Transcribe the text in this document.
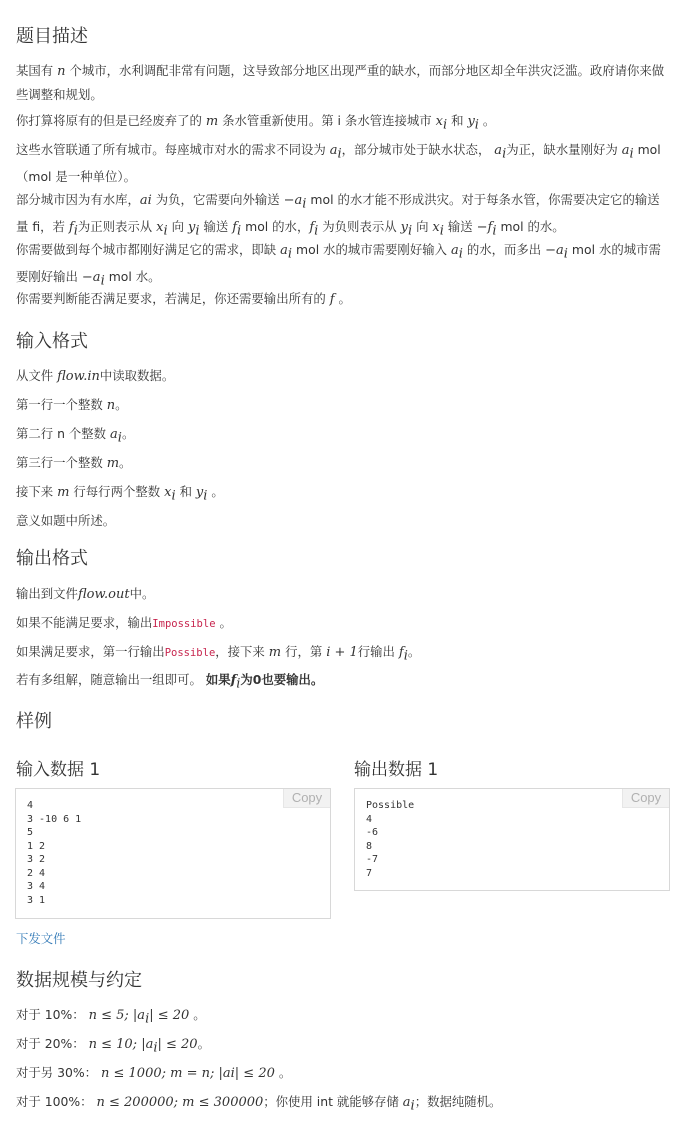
题目描述

某国有 n 个城市，水利调配非常有问题，这导致部分地区出现严重的缺水，而部分地区却全年洪灾泛滥。政府请你来做些调整和规划。

你打算将原有的但是已经废弃了的 m 条水管重新使用。第 i 条水管连接城市 $x_i$ 和 $y_i$ 。

这些水管联通了所有城市。每座城市对水的需求不同设为 $a_i$，部分城市处于缺水状态， $a_i$为正，缺水量刚好为 $a_i$ mol（mol 是一种单位）。

部分城市因为有水库，ai 为负，它需要向外输送 $-a_i$ mol 的水才能不形成洪灾。对于每条水管，你需要决定它的输送量 fi，若 $f_i$为正则表示从 $x_i$ 向 $y_i$ 输送 $f_i$ mol 的水，$f_i$ 为负则表示从 $y_i$ 向 $x_i$ 输送 $-f_i$ mol 的水。

你需要做到每个城市都刚好满足它的需求，即缺 $a_i$ mol 水的城市需要刚好输入 $a_i$ 的水，而多出 $-a_i$ mol 水的城市需要刚好输出 $-a_i$ mol 水。

你需要判断能否满足要求，若满足，你还需要输出所有的 f 。

输入格式

从文件 flow.in中读取数据。

第一行一个整数 n。

第二行 n 个整数 $a_i$。

第三行一个整数 m。

接下来 m 行每行两个整数 $x_i$ 和 $y_i$ 。

意义如题中所述。

输出格式

输出到文件flow.out中。

如果不能满足要求，输出Impossible 。

如果满足要求，第一行输出Possible，接下来 m 行，第 i + 1行输出 $f_i$。

若有多组解，随意输出一组即可。 如果$f_i$为0也要输出。

样例
输入数据 1
4
3 -10 6 1
5
1 2
3 2
2 4
3 4
3 1
Copy
输出数据 1
Possible
4
-6
8
-7
7
Copy
下发文件
数据规模与约定

对于 10%： n ≤ 5; $|a_i| \le 20$ 。

对于 20%： n ≤ 10; $|a_i| \le 20$。

对于另 30%： n ≤ 1000; m = n; |ai| ≤ 20 。

对于 100%： n ≤ 200000; m ≤ 300000；你使用 int 就能够存储 $a_i$；数据纯随机。
